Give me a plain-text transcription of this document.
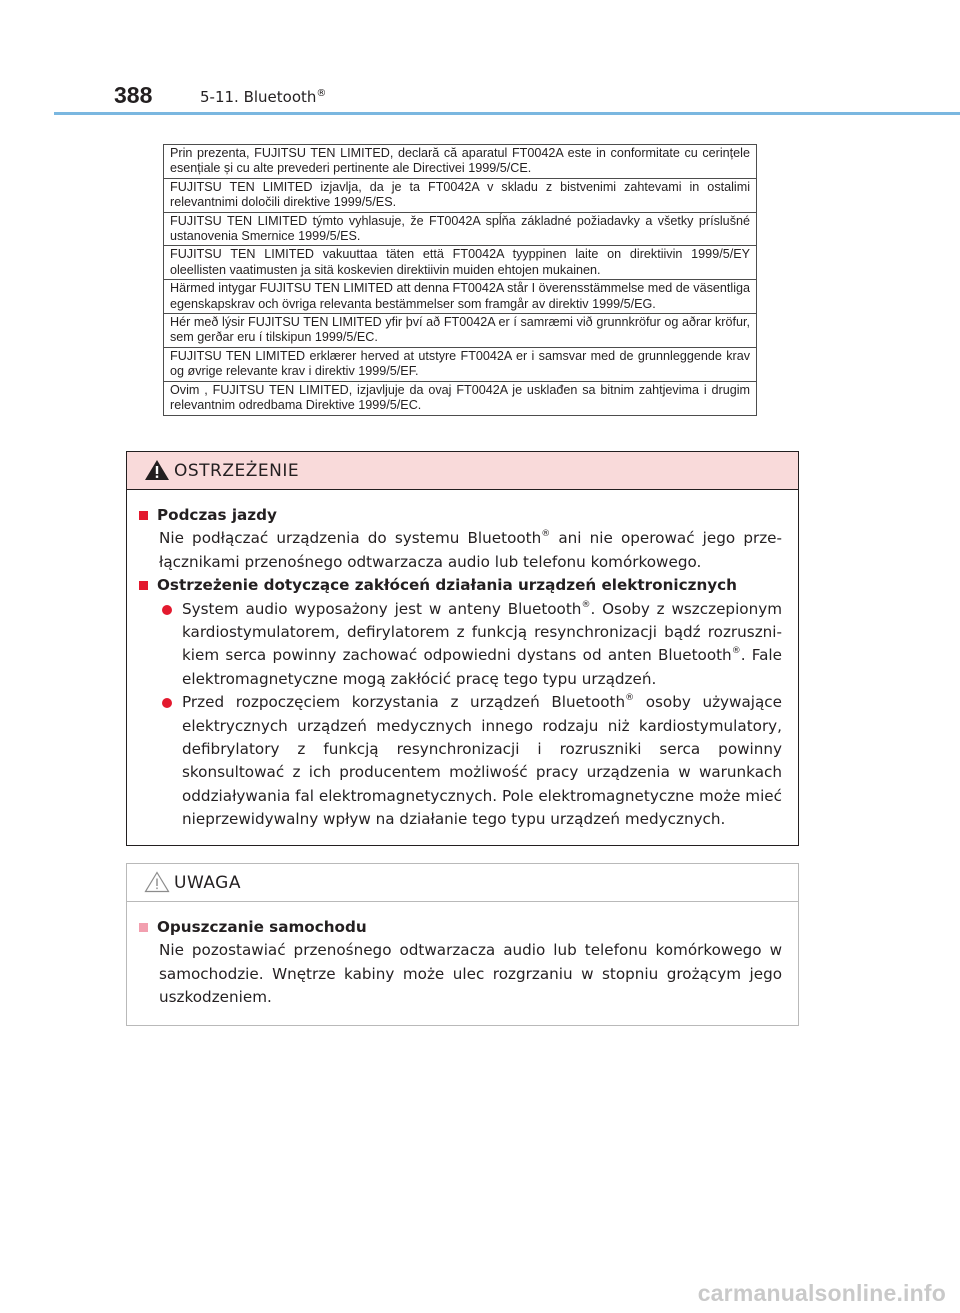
388	5-11. Bluetooth®
Prin prezenta, FUJITSU TEN LIMITED, declară că aparatul FT0042A este in conformitate cu cerințele esențiale și cu alte prevederi pertinente ale Directivei 1999/5/CE.
FUJITSU TEN LIMITED izjavlja, da je ta FT0042A v skladu z bistvenimi zahtevami in ostalimi relevantnimi določili direktive 1999/5/ES.
FUJITSU TEN LIMITED týmto vyhlasuje, že FT0042A spĺňa základné požiadavky a všetky príslušné ustanovenia Smernice 1999/5/ES.
FUJITSU TEN LIMITED vakuuttaa täten että FT0042A tyyppinen laite on direktiivin 1999/5/EY oleellisten vaatimusten ja sitä koskevien direktiivin muiden ehtojen mukainen.
Härmed intygar FUJITSU TEN LIMITED att denna FT0042A står I överensstämmelse med de väsentliga egenskapskrav och övriga relevanta bestämmelser som framgår av direktiv 1999/5/EG.
Hér með lýsir FUJITSU TEN LIMITED yfir því að FT0042A er í samræmi við grunnkröfur og aðrar kröfur, sem gerðar eru í tilskipun 1999/5/EC.
FUJITSU TEN LIMITED erklærer herved at utstyre FT0042A er i samsvar med de grunnleggende krav og øvrige relevante krav i direktiv 1999/5/EF.
Ovim , FUJITSU TEN LIMITED, izjavljuje da ovaj FT0042A je usklađen sa bitnim zahtjevima i drugim relevantnim odredbama Direktive 1999/5/EC.
OSTRZEŻENIE
Podczas jazdy
Nie podłączać urządzenia do systemu Bluetooth® ani nie operować jego prze-łącznikami przenośnego odtwarzacza audio lub telefonu komórkowego.
Ostrzeżenie dotyczące zakłóceń działania urządzeń elektronicznych
System audio wyposażony jest w anteny Bluetooth®. Osoby z wszczepionym kardiostymulatorem, defirylatorem z funkcją resynchronizacji bądź rozruszni-kiem serca powinny zachować odpowiedni dystans od anten Bluetooth®. Fale elektromagnetyczne mogą zakłócić pracę tego typu urządzeń.
Przed rozpoczęciem korzystania z urządzeń Bluetooth® osoby używające elektrycznych urządzeń medycznych innego rodzaju niż kardiostymulatory, defibrylatory z funkcją resynchronizacji i rozruszniki serca powinny skonsultować z ich producentem możliwość pracy urządzenia w warunkach oddziaływania fal elektromagnetycznych. Pole elektromagnetyczne może mieć nieprzewidywalny wpływ na działanie tego typu urządzeń medycznych.
UWAGA
Opuszczanie samochodu
Nie pozostawiać przenośnego odtwarzacza audio lub telefonu komórkowego w samochodzie. Wnętrze kabiny może ulec rozgrzaniu w stopniu grożącym jego uszkodzeniem.
carmanualsonline.info
